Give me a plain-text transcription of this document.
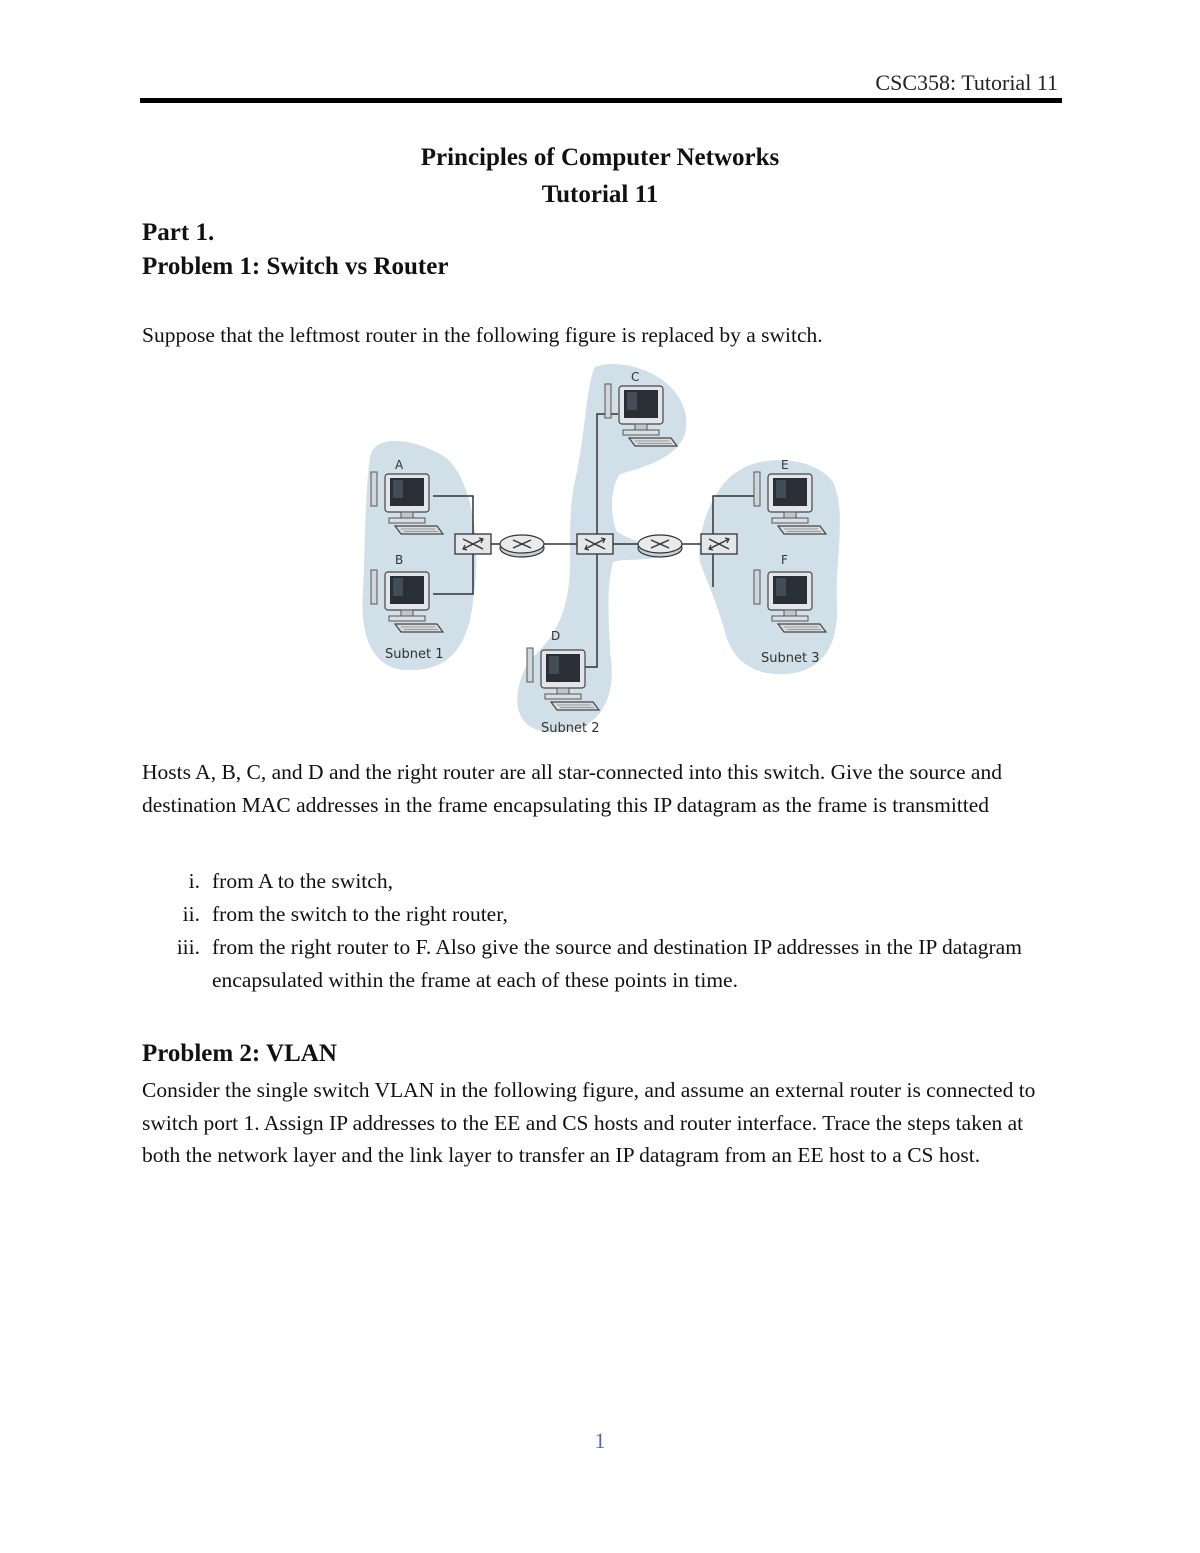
CSC358: Tutorial 11
Principles of Computer Networks
Tutorial 11
Part 1.
Problem 1: Switch vs Router
Suppose that the leftmost router in the following figure is replaced by a switch.
A
B
C
D
E
F
Subnet 1
Subnet 2
Subnet 3
Hosts A, B, C, and D and the right router are all star-connected into this switch. Give the source and destination MAC addresses in the frame encapsulating this IP datagram as the frame is transmitted
i. from A to the switch,
ii. from the switch to the right router,
iii. from the right router to F. Also give the source and destination IP addresses in the IP datagram encapsulated within the frame at each of these points in time.
Problem 2: VLAN
Consider the single switch VLAN in the following figure, and assume an external router is connected to switch port 1. Assign IP addresses to the EE and CS hosts and router interface. Trace the steps taken at both the network layer and the link layer to transfer an IP datagram from an EE host to a CS host.
1
